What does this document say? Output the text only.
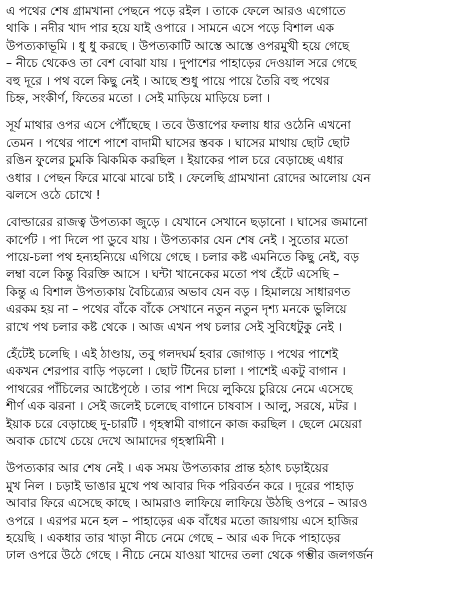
এ পথের শেষ গ্রামখানা পেছনে পড়ে রইল । তাকে ফেলে আরও এগোতে
থাকি । নদীর খাদ পার হয়ে যাই ওপারে । সামনে এসে পড়ে বিশাল এক
উপত্যকাভূমি । ধু ধু করছে । উপত্যকাটি আস্তে আস্তে ওপরমুখী হয়ে গেছে
– নীচে থেকেও তা বেশ বোঝা যায় । দুপাশের পাহাড়ের দেওয়াল সরে গেছে
বহু দূরে । পথ বলে কিছু নেই । আছে শুধু পায়ে পায়ে তৈরি বহু পথের
চিহ্ন, সংকীর্ণ, ফিতের মতো । সেই মাড়িয়ে মাড়িয়ে চলা ।
সূর্য মাথার ওপর এসে পৌঁছেছে । তবে উত্তাপের ফলায় ধার ওঠেনি এখনো
তেমন । পথের পাশে পাশে বাদামী ঘাসের স্তবক । ঘাসের মাথায় ছোট ছোট
রঙিন ফুলের চুমকি ঝিকমিক করছিল । ইয়াকের পাল চরে বেড়াচ্ছে এধার
ওধার । পেছন ফিরে মাঝে মাঝে চাই । ফেলেছি গ্রামখানা রোদের আলোয় যেন
ঝলসে ওঠে চোখে !
বোল্ডারের রাজত্ব উপত্যকা জুড়ে । যেখানে সেখানে ছড়ানো । ঘাসের জমানো
কার্পেট । পা দিলে পা ডুবে যায় । উপত্যকার যেন শেষ নেই । সুতোর মতো
পায়ে-চলা পথ হন্যহন্যিয়ে এগিয়ে গেছে । চলার কষ্ট এমনিতে কিছু নেই, বড়
লম্বা বলে কিন্তু বিরক্তি আসে । ঘন্টা খানেকের মতো পথ হেঁটে এসেছি –
কিন্তু এ বিশাল উপত্যকায় বৈচিত্র্যের অভাব যেন বড় । হিমালয়ে সাধারণত
এরকম হয় না – পথের বাঁকে বাঁকে সেখানে নতুন নতুন দৃশ্য মনকে ভুলিয়ে
রাখে পথ চলার কষ্ট থেকে । আজ এখন পথ চলার সেই সুবিধেটুকু নেই ।
হেঁটেই চলেছি । এই ঠাণ্ডায়, তবু গলদঘর্ম হবার জোগাড় । পথের পাশেই
একখন শেরপার বাড়ি পড়লো । ছোট টিনের চালা । পাশেই একটু বাগান ।
পাথরের পাঁচিলের আষ্টেপৃষ্ঠে । তার পাশ দিয়ে লুকিয়ে চুরিয়ে নেমে এসেছে
শীর্ণ এক ঝরনা । সেই জলেই চলেছে বাগানে চাষবাস । আলু, সরষে, মটর ।
ইয়াক চরে বেড়াচ্ছে দু-চারটি । গৃহস্বামী বাগানে কাজ করছিল । ছেলে মেয়েরা
অবাক চোখে চেয়ে দেখে আমাদের গৃহস্বামিনী ।
উপত্যকার আর শেষ নেই । এক সময় উপত্যকার প্রান্ত হঠাৎ চড়াইয়ের
মুখ নিল । চড়াই ভাঙার মুখে পথ আবার দিক পরিবর্তন করে । দূরের পাহাড়
আবার ফিরে এসেছে কাছে । আমরাও লাফিয়ে লাফিয়ে উঠছি ওপরে – আরও
ওপরে । এরপর মনে হল – পাহাড়ের এক বাঁধের মতো জায়গায় এসে হাজির
হয়েছি । একধার তার খাড়া নীচে নেমে গেছে – আর এক দিকে পাহাড়ের
ঢাল ওপরে উঠে গেছে । নীচে নেমে যাওয়া খাদের তলা থেকে গম্ভীর জলগর্জন
